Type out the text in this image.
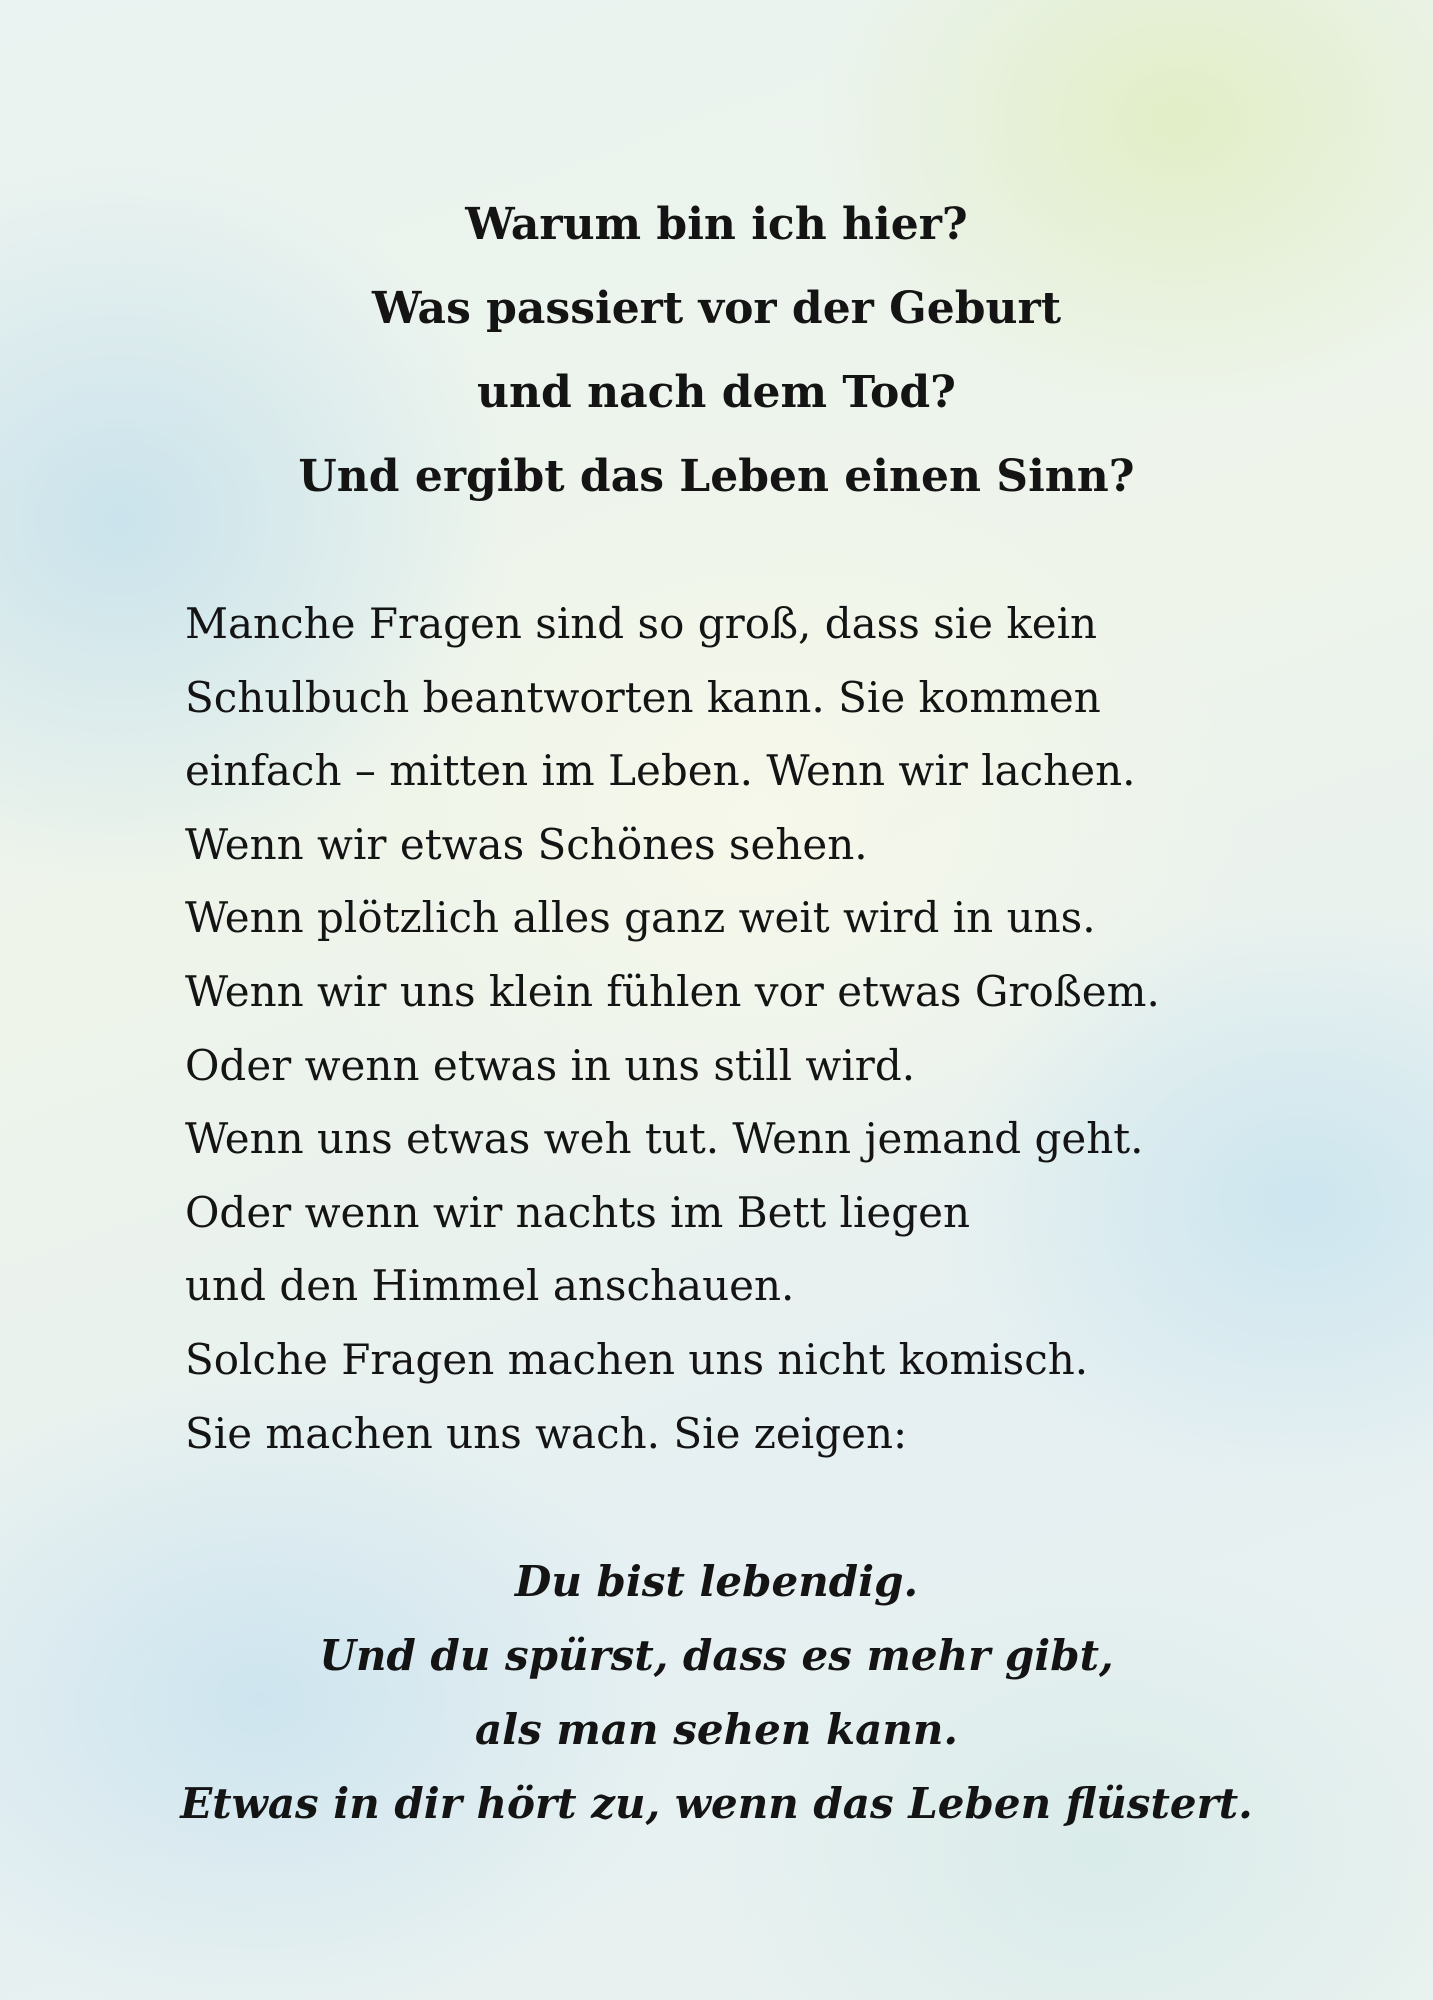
Warum bin ich hier?
Was passiert vor der Geburt
und nach dem Tod?
Und ergibt das Leben einen Sinn?

Manche Fragen sind so groß, dass sie kein
Schulbuch beantworten kann. Sie kommen
einfach – mitten im Leben. Wenn wir lachen.
Wenn wir etwas Schönes sehen.
Wenn plötzlich alles ganz weit wird in uns.
Wenn wir uns klein fühlen vor etwas Großem.
Oder wenn etwas in uns still wird.
Wenn uns etwas weh tut. Wenn jemand geht.
Oder wenn wir nachts im Bett liegen
und den Himmel anschauen.
Solche Fragen machen uns nicht komisch.
Sie machen uns wach. Sie zeigen:

Du bist lebendig.
Und du spürst, dass es mehr gibt,
als man sehen kann.
Etwas in dir hört zu, wenn das Leben flüstert.
